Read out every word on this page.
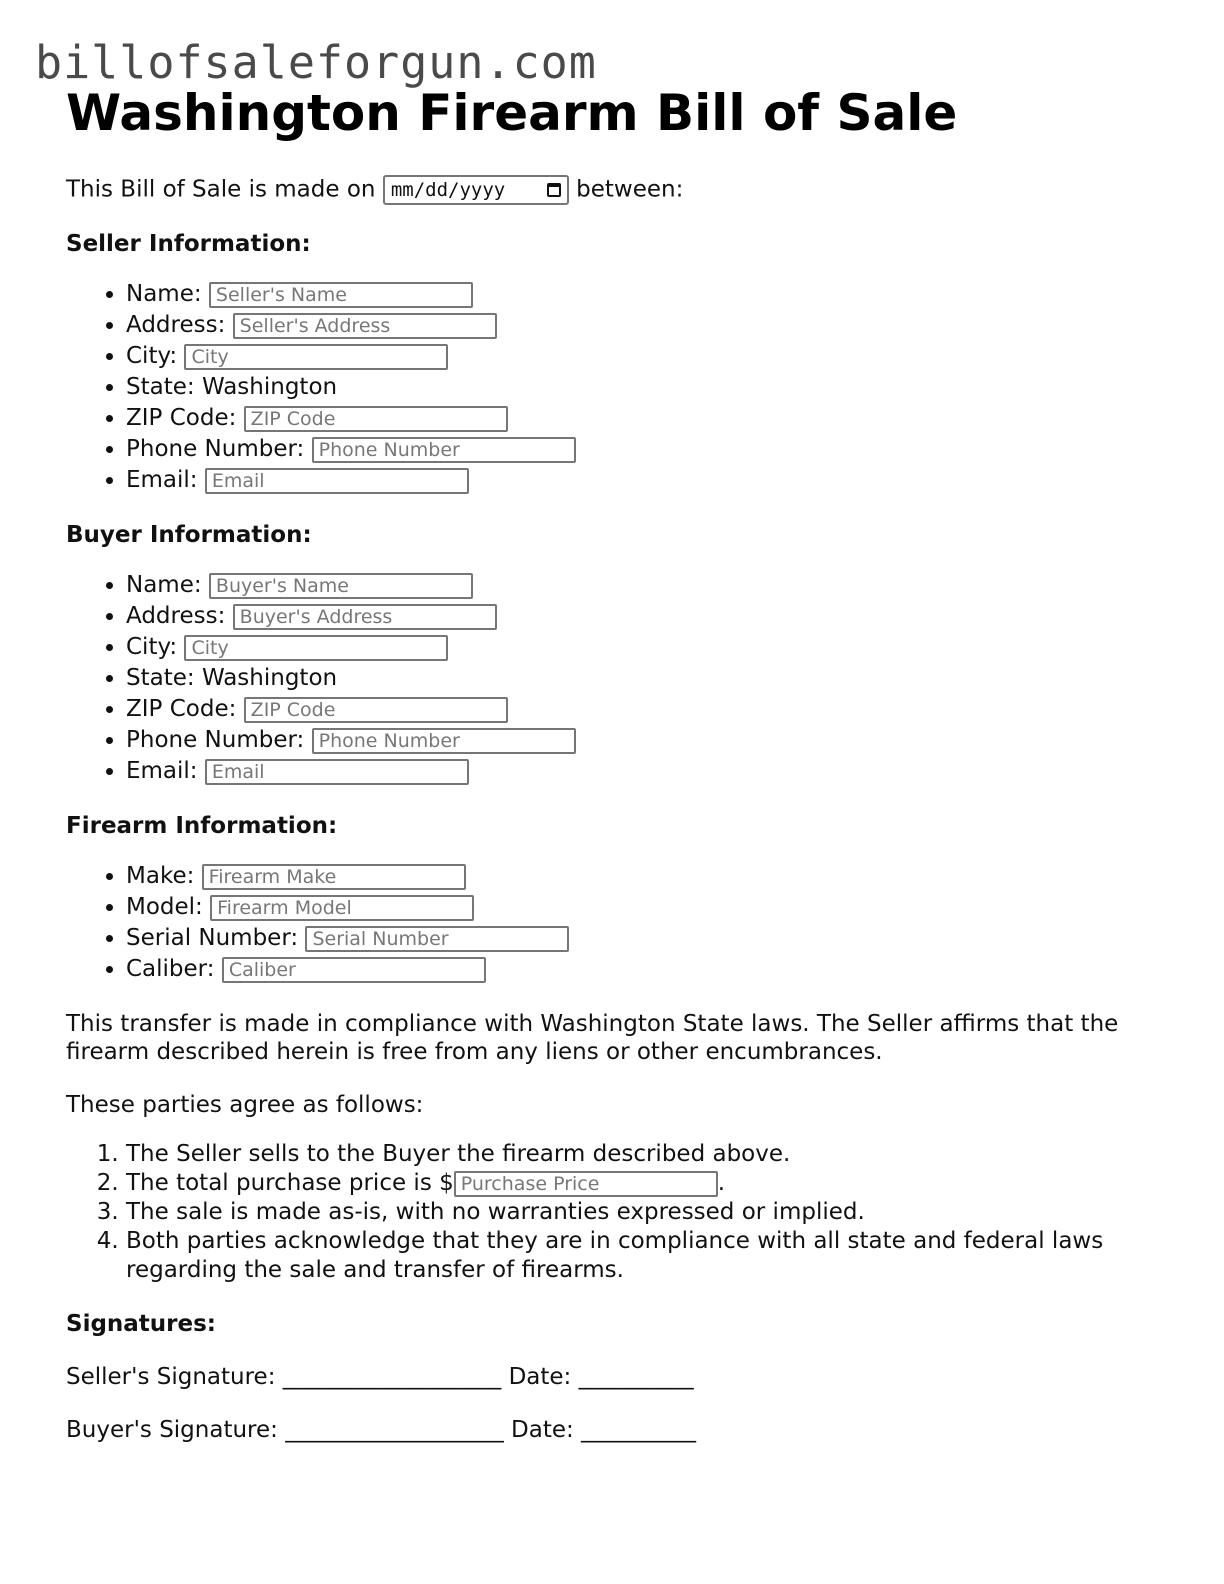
billofsaleforgun.com
Washington Firearm Bill of Sale

This Bill of Sale is made on mm/dd/yyyy	between:

Seller Information:

• Name: Seller's Name
• Address: Seller's Address
• City: City
• State: Washington
• ZIP Code: ZIP Code
• Phone Number: Phone Number
• Email: Email

Buyer Information:

• Name: Buyer's Name
• Address: Buyer's Address
• City: City
• State: Washington
• ZIP Code: ZIP Code
• Phone Number: Phone Number
• Email: Email

Firearm Information:

• Make: Firearm Make
• Model: Firearm Model
• Serial Number: Serial Number
• Caliber: Caliber

This transfer is made in compliance with Washington State laws. The Seller affirms that the firearm described herein is free from any liens or other encumbrances.

These parties agree as follows:

1. The Seller sells to the Buyer the firearm described above.
2. The total purchase price is $Purchase Price	.
3. The sale is made as-is, with no warranties expressed or implied.
4. Both parties acknowledge that they are in compliance with all state and federal laws regarding the sale and transfer of firearms.

Signatures:

Seller's Signature: ___________________ Date: __________

Buyer's Signature: ___________________ Date: __________
